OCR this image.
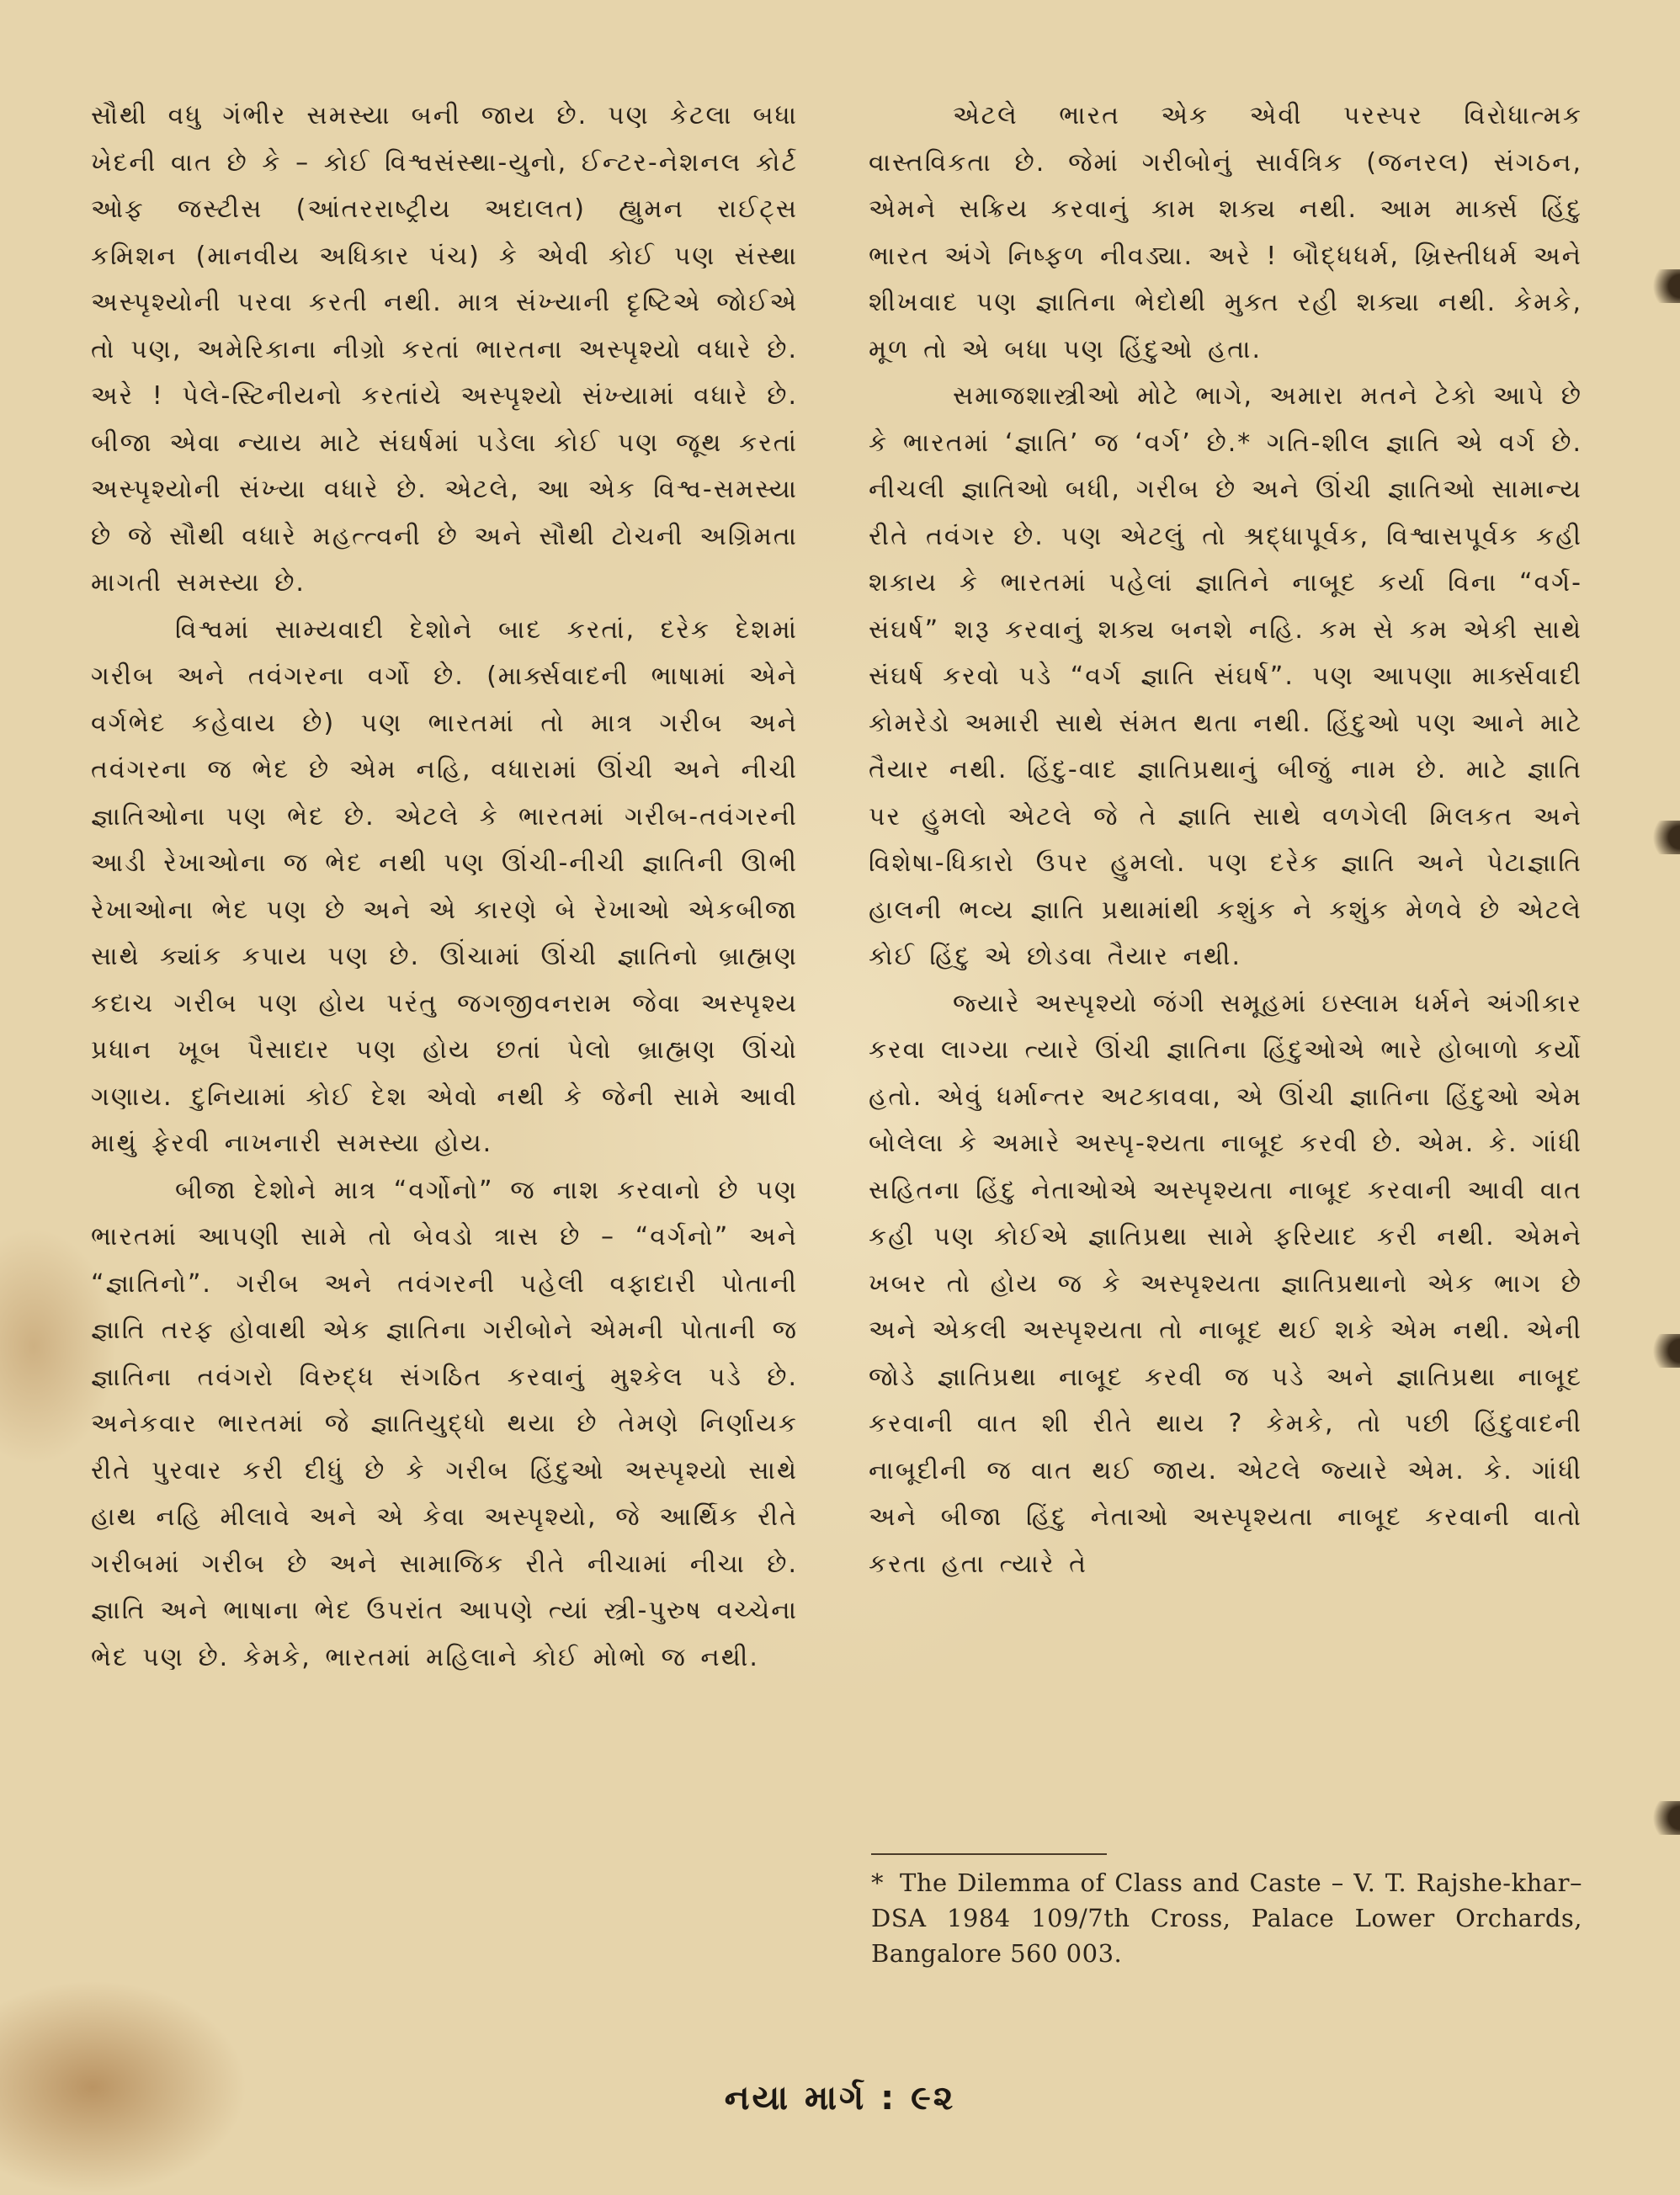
સૌથી વધુ ગંભીર સમસ્યા બની જાય છે. પણ કેટલા બધા ખેદની વાત છે કે – કોઈ વિશ્વસંસ્થા-યુનો, ઈન્ટર-નેશનલ કોર્ટ ઓફ જસ્ટીસ (આંતરરાષ્ટ્રીય અદાલત) હ્યુમન રાઈટ્સ કમિશન (માનવીય અધિકાર પંચ) કે એવી કોઈ પણ સંસ્થા અસ્પૃશ્યોની પરવા કરતી નથી. માત્ર સંખ્યાની દૃષ્ટિએ જોઈએ તો પણ, અમેરિકાના નીગ્રો કરતાં ભારતના અસ્પૃશ્યો વધારે છે. અરે ! પેલે-સ્ટિનીયનો કરતાંયે અસ્પૃશ્યો સંખ્યામાં વધારે છે. બીજા એવા ન્યાય માટે સંઘર્ષમાં પડેલા કોઈ પણ જૂથ કરતાં અસ્પૃશ્યોની સંખ્યા વધારે છે. એટલે, આ એક વિશ્વ-સમસ્યા છે જે સૌથી વધારે મહત્ત્વની છે અને સૌથી ટોચની અગ્રિમતા માગતી સમસ્યા છે.

વિશ્વમાં સામ્યવાદી દેશોને બાદ કરતાં, દરેક દેશમાં ગરીબ અને તવંગરના વર્ગો છે. (માર્ક્સવાદની ભાષામાં એને વર્ગભેદ કહેવાય છે) પણ ભારતમાં તો માત્ર ગરીબ અને તવંગરના જ ભેદ છે એમ નહિ, વધારામાં ઊંચી અને નીચી જ્ઞાતિઓના પણ ભેદ છે. એટલે કે ભારતમાં ગરીબ-તવંગરની આડી રેખાઓના જ ભેદ નથી પણ ઊંચી-નીચી જ્ઞાતિની ઊભી રેખાઓના ભેદ પણ છે અને એ કારણે બે રેખાઓ એકબીજા સાથે ક્યાંક કપાય પણ છે. ઊંચામાં ઊંચી જ્ઞાતિનો બ્રાહ્મણ કદાચ ગરીબ પણ હોય પરંતુ જગજીવનરામ જેવા અસ્પૃશ્ય પ્રધાન ખૂબ પૈસાદાર પણ હોય છતાં પેલો બ્રાહ્મણ ઊંચો ગણાય. દુનિયામાં કોઈ દેશ એવો નથી કે જેની સામે આવી માથું ફેરવી નાખનારી સમસ્યા હોય.

બીજા દેશોને માત્ર “વર્ગોનો” જ નાશ કરવાનો છે પણ ભારતમાં આપણી સામે તો બેવડો ત્રાસ છે – “વર્ગનો” અને “જ્ઞાતિનો”. ગરીબ અને તવંગરની પહેલી વફાદારી પોતાની જ્ઞાતિ તરફ હોવાથી એક જ્ઞાતિના ગરીબોને એમની પોતાની જ જ્ઞાતિના તવંગરો વિરુદ્ધ સંગઠિત કરવાનું મુશ્કેલ પડે છે. અનેકવાર ભારતમાં જે જ્ઞાતિયુદ્ધો થયા છે તેમણે નિર્ણાયક રીતે પુરવાર કરી દીધું છે કે ગરીબ હિંદુઓ અસ્પૃશ્યો સાથે હાથ નહિ મીલાવે અને એ કેવા અસ્પૃશ્યો, જે આર્થિક રીતે ગરીબમાં ગરીબ છે અને સામાજિક રીતે નીચામાં નીચા છે. જ્ઞાતિ અને ભાષાના ભેદ ઉપરાંત આપણે ત્યાં સ્ત્રી-પુરુષ વચ્ચેના ભેદ પણ છે. કેમકે, ભારતમાં મહિલાને કોઈ મોભો જ નથી.

એટલે ભારત એક એવી પરસ્પર વિરોધાત્મક વાસ્તવિકતા છે. જેમાં ગરીબોનું સાર્વત્રિક (જનરલ) સંગઠન, એમને સક્રિય કરવાનું કામ શક્ય નથી. આમ માર્ક્સ હિંદુ ભારત અંગે નિષ્ફળ નીવડ્યા. અરે ! બૌદ્ધધર્મ, ખ્રિસ્તીધર્મ અને શીખવાદ પણ જ્ઞાતિના ભેદોથી મુક્ત રહી શક્યા નથી. કેમકે, મૂળ તો એ બધા પણ હિંદુઓ હતા.

સમાજશાસ્ત્રીઓ મોટે ભાગે, અમારા મતને ટેકો આપે છે કે ભારતમાં ‘જ્ઞાતિ’ જ ‘વર્ગ’ છે.* ગતિ-શીલ જ્ઞાતિ એ વર્ગ છે. નીચલી જ્ઞાતિઓ બધી, ગરીબ છે અને ઊંચી જ્ઞાતિઓ સામાન્ય રીતે તવંગર છે. પણ એટલું તો શ્રદ્ધાપૂર્વક, વિશ્વાસપૂર્વક કહી શકાય કે ભારતમાં પહેલાં જ્ઞાતિને નાબૂદ કર્યા વિના “વર્ગ-સંઘર્ષ” શરૂ કરવાનું શક્ય બનશે નહિ. કમ સે કમ એકી સાથે સંઘર્ષ કરવો પડે “વર્ગ જ્ઞાતિ સંઘર્ષ”. પણ આપણા માર્ક્સવાદી કોમરેડો અમારી સાથે સંમત થતા નથી. હિંદુઓ પણ આને માટે તૈયાર નથી. હિંદુ-વાદ જ્ઞાતિપ્રથાનું બીજું નામ છે. માટે જ્ઞાતિ પર હુમલો એટલે જે તે જ્ઞાતિ સાથે વળગેલી મિલકત અને વિશેષા-ધિકારો ઉપર હુમલો. પણ દરેક જ્ઞાતિ અને પેટાજ્ઞાતિ હાલની ભવ્ય જ્ઞાતિ પ્રથામાંથી કશુંક ને કશુંક મેળવે છે એટલે કોઈ હિંદુ એ છોડવા તૈયાર નથી.

જ્યારે અસ્પૃશ્યો જંગી સમૂહમાં ઇસ્લામ ધર્મને અંગીકાર કરવા લાગ્યા ત્યારે ઊંચી જ્ઞાતિના હિંદુઓએ ભારે હોબાળો કર્યો હતો. એવું ધર્માન્તર અટકાવવા, એ ઊંચી જ્ઞાતિના હિંદુઓ એમ બોલેલા કે અમારે અસ્પૃ-શ્યતા નાબૂદ કરવી છે. એમ. કે. ગાંધી સહિતના હિંદુ નેતાઓએ અસ્પૃશ્યતા નાબૂદ કરવાની આવી વાત કહી પણ કોઈએ જ્ઞાતિપ્રથા સામે ફરિયાદ કરી નથી. એમને ખબર તો હોય જ કે અસ્પૃશ્યતા જ્ઞાતિપ્રથાનો એક ભાગ છે અને એકલી અસ્પૃશ્યતા તો નાબૂદ થઈ શકે એમ નથી. એની જોડે જ્ઞાતિપ્રથા નાબૂદ કરવી જ પડે અને જ્ઞાતિપ્રથા નાબૂદ કરવાની વાત શી રીતે થાય ? કેમકે, તો પછી હિંદુવાદની નાબૂદીની જ વાત થઈ જાય. એટલે જ્યારે એમ. કે. ગાંધી અને બીજા હિંદુ નેતાઓ અસ્પૃશ્યતા નાબૂદ કરવાની વાતો કરતા હતા ત્યારે તે

* The Dilemma of Class and Caste – V. T. Rajshe-khar–DSA 1984 109/7th Cross, Palace Lower Orchards, Bangalore 560 003.
નયા માર્ગ : ૯૨
